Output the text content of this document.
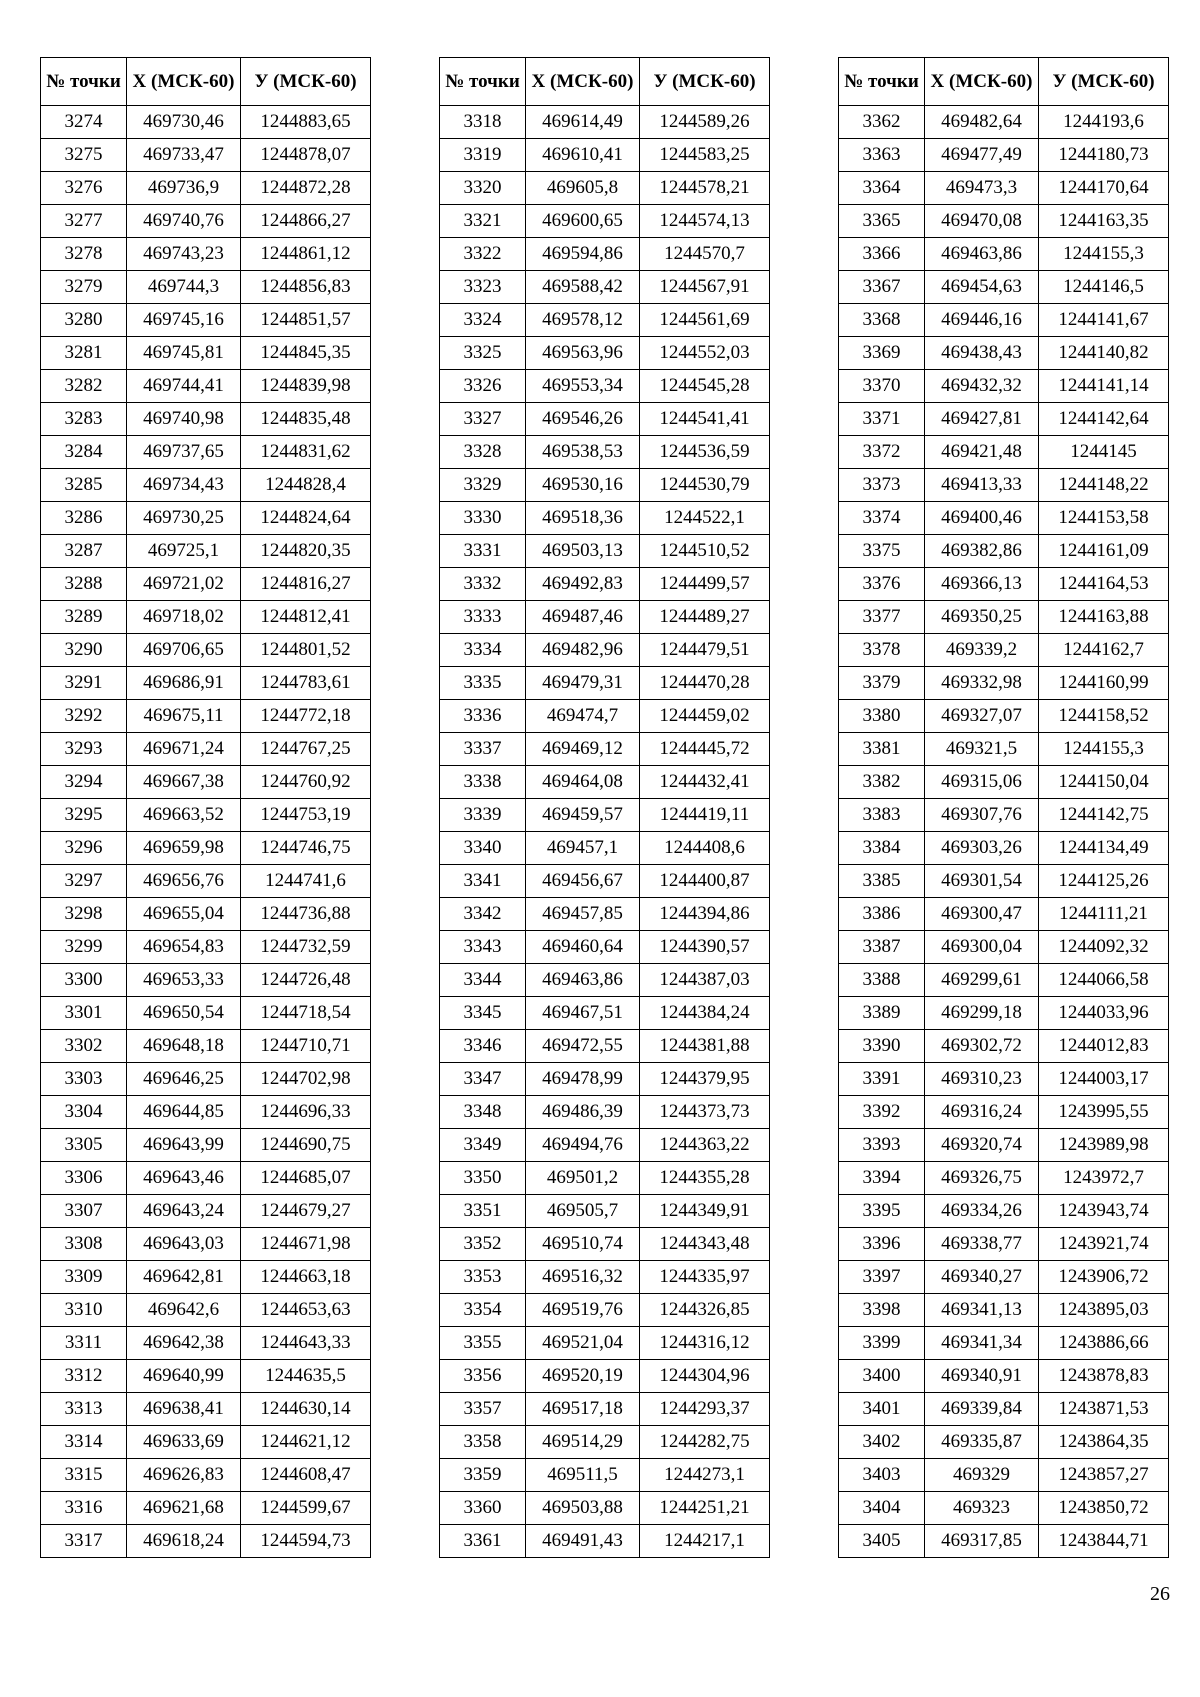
№ точки	Х (МСК-60)	У (МСК-60)
3274	469730,46	1244883,65
3275	469733,47	1244878,07
3276	469736,9	1244872,28
3277	469740,76	1244866,27
3278	469743,23	1244861,12
3279	469744,3	1244856,83
3280	469745,16	1244851,57
3281	469745,81	1244845,35
3282	469744,41	1244839,98
3283	469740,98	1244835,48
3284	469737,65	1244831,62
3285	469734,43	1244828,4
3286	469730,25	1244824,64
3287	469725,1	1244820,35
3288	469721,02	1244816,27
3289	469718,02	1244812,41
3290	469706,65	1244801,52
3291	469686,91	1244783,61
3292	469675,11	1244772,18
3293	469671,24	1244767,25
3294	469667,38	1244760,92
3295	469663,52	1244753,19
3296	469659,98	1244746,75
3297	469656,76	1244741,6
3298	469655,04	1244736,88
3299	469654,83	1244732,59
3300	469653,33	1244726,48
3301	469650,54	1244718,54
3302	469648,18	1244710,71
3303	469646,25	1244702,98
3304	469644,85	1244696,33
3305	469643,99	1244690,75
3306	469643,46	1244685,07
3307	469643,24	1244679,27
3308	469643,03	1244671,98
3309	469642,81	1244663,18
3310	469642,6	1244653,63
3311	469642,38	1244643,33
3312	469640,99	1244635,5
3313	469638,41	1244630,14
3314	469633,69	1244621,12
3315	469626,83	1244608,47
3316	469621,68	1244599,67
3317	469618,24	1244594,73
№ точки	Х (МСК-60)	У (МСК-60)
3318	469614,49	1244589,26
3319	469610,41	1244583,25
3320	469605,8	1244578,21
3321	469600,65	1244574,13
3322	469594,86	1244570,7
3323	469588,42	1244567,91
3324	469578,12	1244561,69
3325	469563,96	1244552,03
3326	469553,34	1244545,28
3327	469546,26	1244541,41
3328	469538,53	1244536,59
3329	469530,16	1244530,79
3330	469518,36	1244522,1
3331	469503,13	1244510,52
3332	469492,83	1244499,57
3333	469487,46	1244489,27
3334	469482,96	1244479,51
3335	469479,31	1244470,28
3336	469474,7	1244459,02
3337	469469,12	1244445,72
3338	469464,08	1244432,41
3339	469459,57	1244419,11
3340	469457,1	1244408,6
3341	469456,67	1244400,87
3342	469457,85	1244394,86
3343	469460,64	1244390,57
3344	469463,86	1244387,03
3345	469467,51	1244384,24
3346	469472,55	1244381,88
3347	469478,99	1244379,95
3348	469486,39	1244373,73
3349	469494,76	1244363,22
3350	469501,2	1244355,28
3351	469505,7	1244349,91
3352	469510,74	1244343,48
3353	469516,32	1244335,97
3354	469519,76	1244326,85
3355	469521,04	1244316,12
3356	469520,19	1244304,96
3357	469517,18	1244293,37
3358	469514,29	1244282,75
3359	469511,5	1244273,1
3360	469503,88	1244251,21
3361	469491,43	1244217,1
№ точки	Х (МСК-60)	У (МСК-60)
3362	469482,64	1244193,6
3363	469477,49	1244180,73
3364	469473,3	1244170,64
3365	469470,08	1244163,35
3366	469463,86	1244155,3
3367	469454,63	1244146,5
3368	469446,16	1244141,67
3369	469438,43	1244140,82
3370	469432,32	1244141,14
3371	469427,81	1244142,64
3372	469421,48	1244145
3373	469413,33	1244148,22
3374	469400,46	1244153,58
3375	469382,86	1244161,09
3376	469366,13	1244164,53
3377	469350,25	1244163,88
3378	469339,2	1244162,7
3379	469332,98	1244160,99
3380	469327,07	1244158,52
3381	469321,5	1244155,3
3382	469315,06	1244150,04
3383	469307,76	1244142,75
3384	469303,26	1244134,49
3385	469301,54	1244125,26
3386	469300,47	1244111,21
3387	469300,04	1244092,32
3388	469299,61	1244066,58
3389	469299,18	1244033,96
3390	469302,72	1244012,83
3391	469310,23	1244003,17
3392	469316,24	1243995,55
3393	469320,74	1243989,98
3394	469326,75	1243972,7
3395	469334,26	1243943,74
3396	469338,77	1243921,74
3397	469340,27	1243906,72
3398	469341,13	1243895,03
3399	469341,34	1243886,66
3400	469340,91	1243878,83
3401	469339,84	1243871,53
3402	469335,87	1243864,35
3403	469329	1243857,27
3404	469323	1243850,72
3405	469317,85	1243844,71
26
